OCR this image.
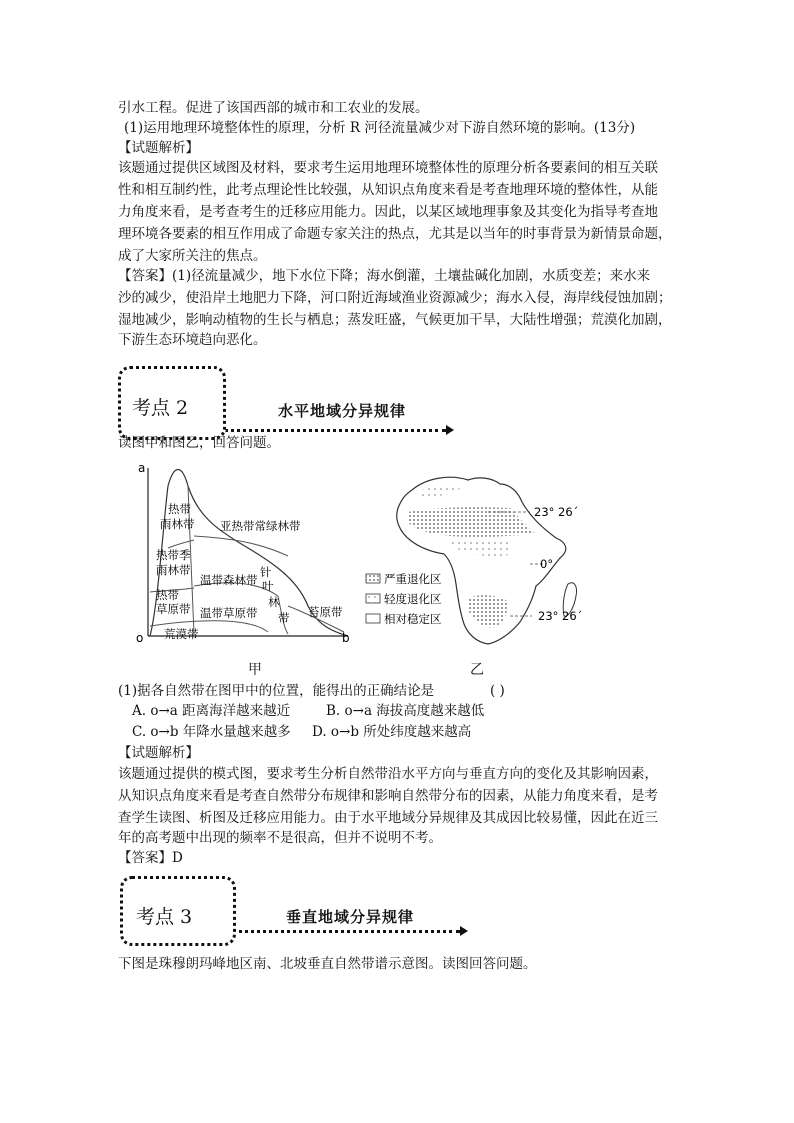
引水工程。促进了该国西部的城市和工农业的发展。
(1)运用地理环境整体性的原理，分析 R 河径流量减少对下游自然环境的影响。(13分)
【试题解析】
该题通过提供区域图及材料，要求考生运用地理环境整体性的原理分析各要素间的相互关联
性和相互制约性，此考点理论性比较强，从知识点角度来看是考查地理环境的整体性，从能
力角度来看，是考查考生的迁移应用能力。因此，以某区域地理事象及其变化为指导考查地
理环境各要素的相互作用成了命题专家关注的热点，尤其是以当年的时事背景为新情景命题，
成了大家所关注的焦点。
【答案】(1)径流量减少，地下水位下降；海水倒灌，土壤盐碱化加剧，水质变差；来水来
沙的减少，使沿岸土地肥力下降，河口附近海域渔业资源减少；海水入侵，海岸线侵蚀加剧；
湿地减少，影响动植物的生长与栖息；蒸发旺盛，气候更加干旱，大陆性增强；荒漠化加剧，
下游生态环境趋向恶化。
考点 2	水平地域分异规律
读图甲和图乙，回答问题。
a
o	b
热带
雨林带 亚热带常绿林带
热带季
雨林带
温带森林带
针
叶
林
带 苔原带
热带
草原带 温带草原带
荒漠带
甲
23° 26´
0°
23° 26´
严重退化区
轻度退化区
相对稳定区
乙
(1)据各自然带在图甲中的位置，能得出的正确结论是	( )
A. o→a 距离海洋越来越近	B. o→a 海拔高度越来越低
C. o→b 年降水量越来越多 D. o→b 所处纬度越来越高
【试题解析】
该题通过提供的模式图，要求考生分析自然带沿水平方向与垂直方向的变化及其影响因素，
从知识点角度来看是考查自然带分布规律和影响自然带分布的因素，从能力角度来看，是考
查学生读图、析图及迁移应用能力。由于水平地域分异规律及其成因比较易懂，因此在近三
年的高考题中出现的频率不是很高，但并不说明不考。
【答案】D
考点 3	垂直地域分异规律
下图是珠穆朗玛峰地区南、北坡垂直自然带谱示意图。读图回答问题。
